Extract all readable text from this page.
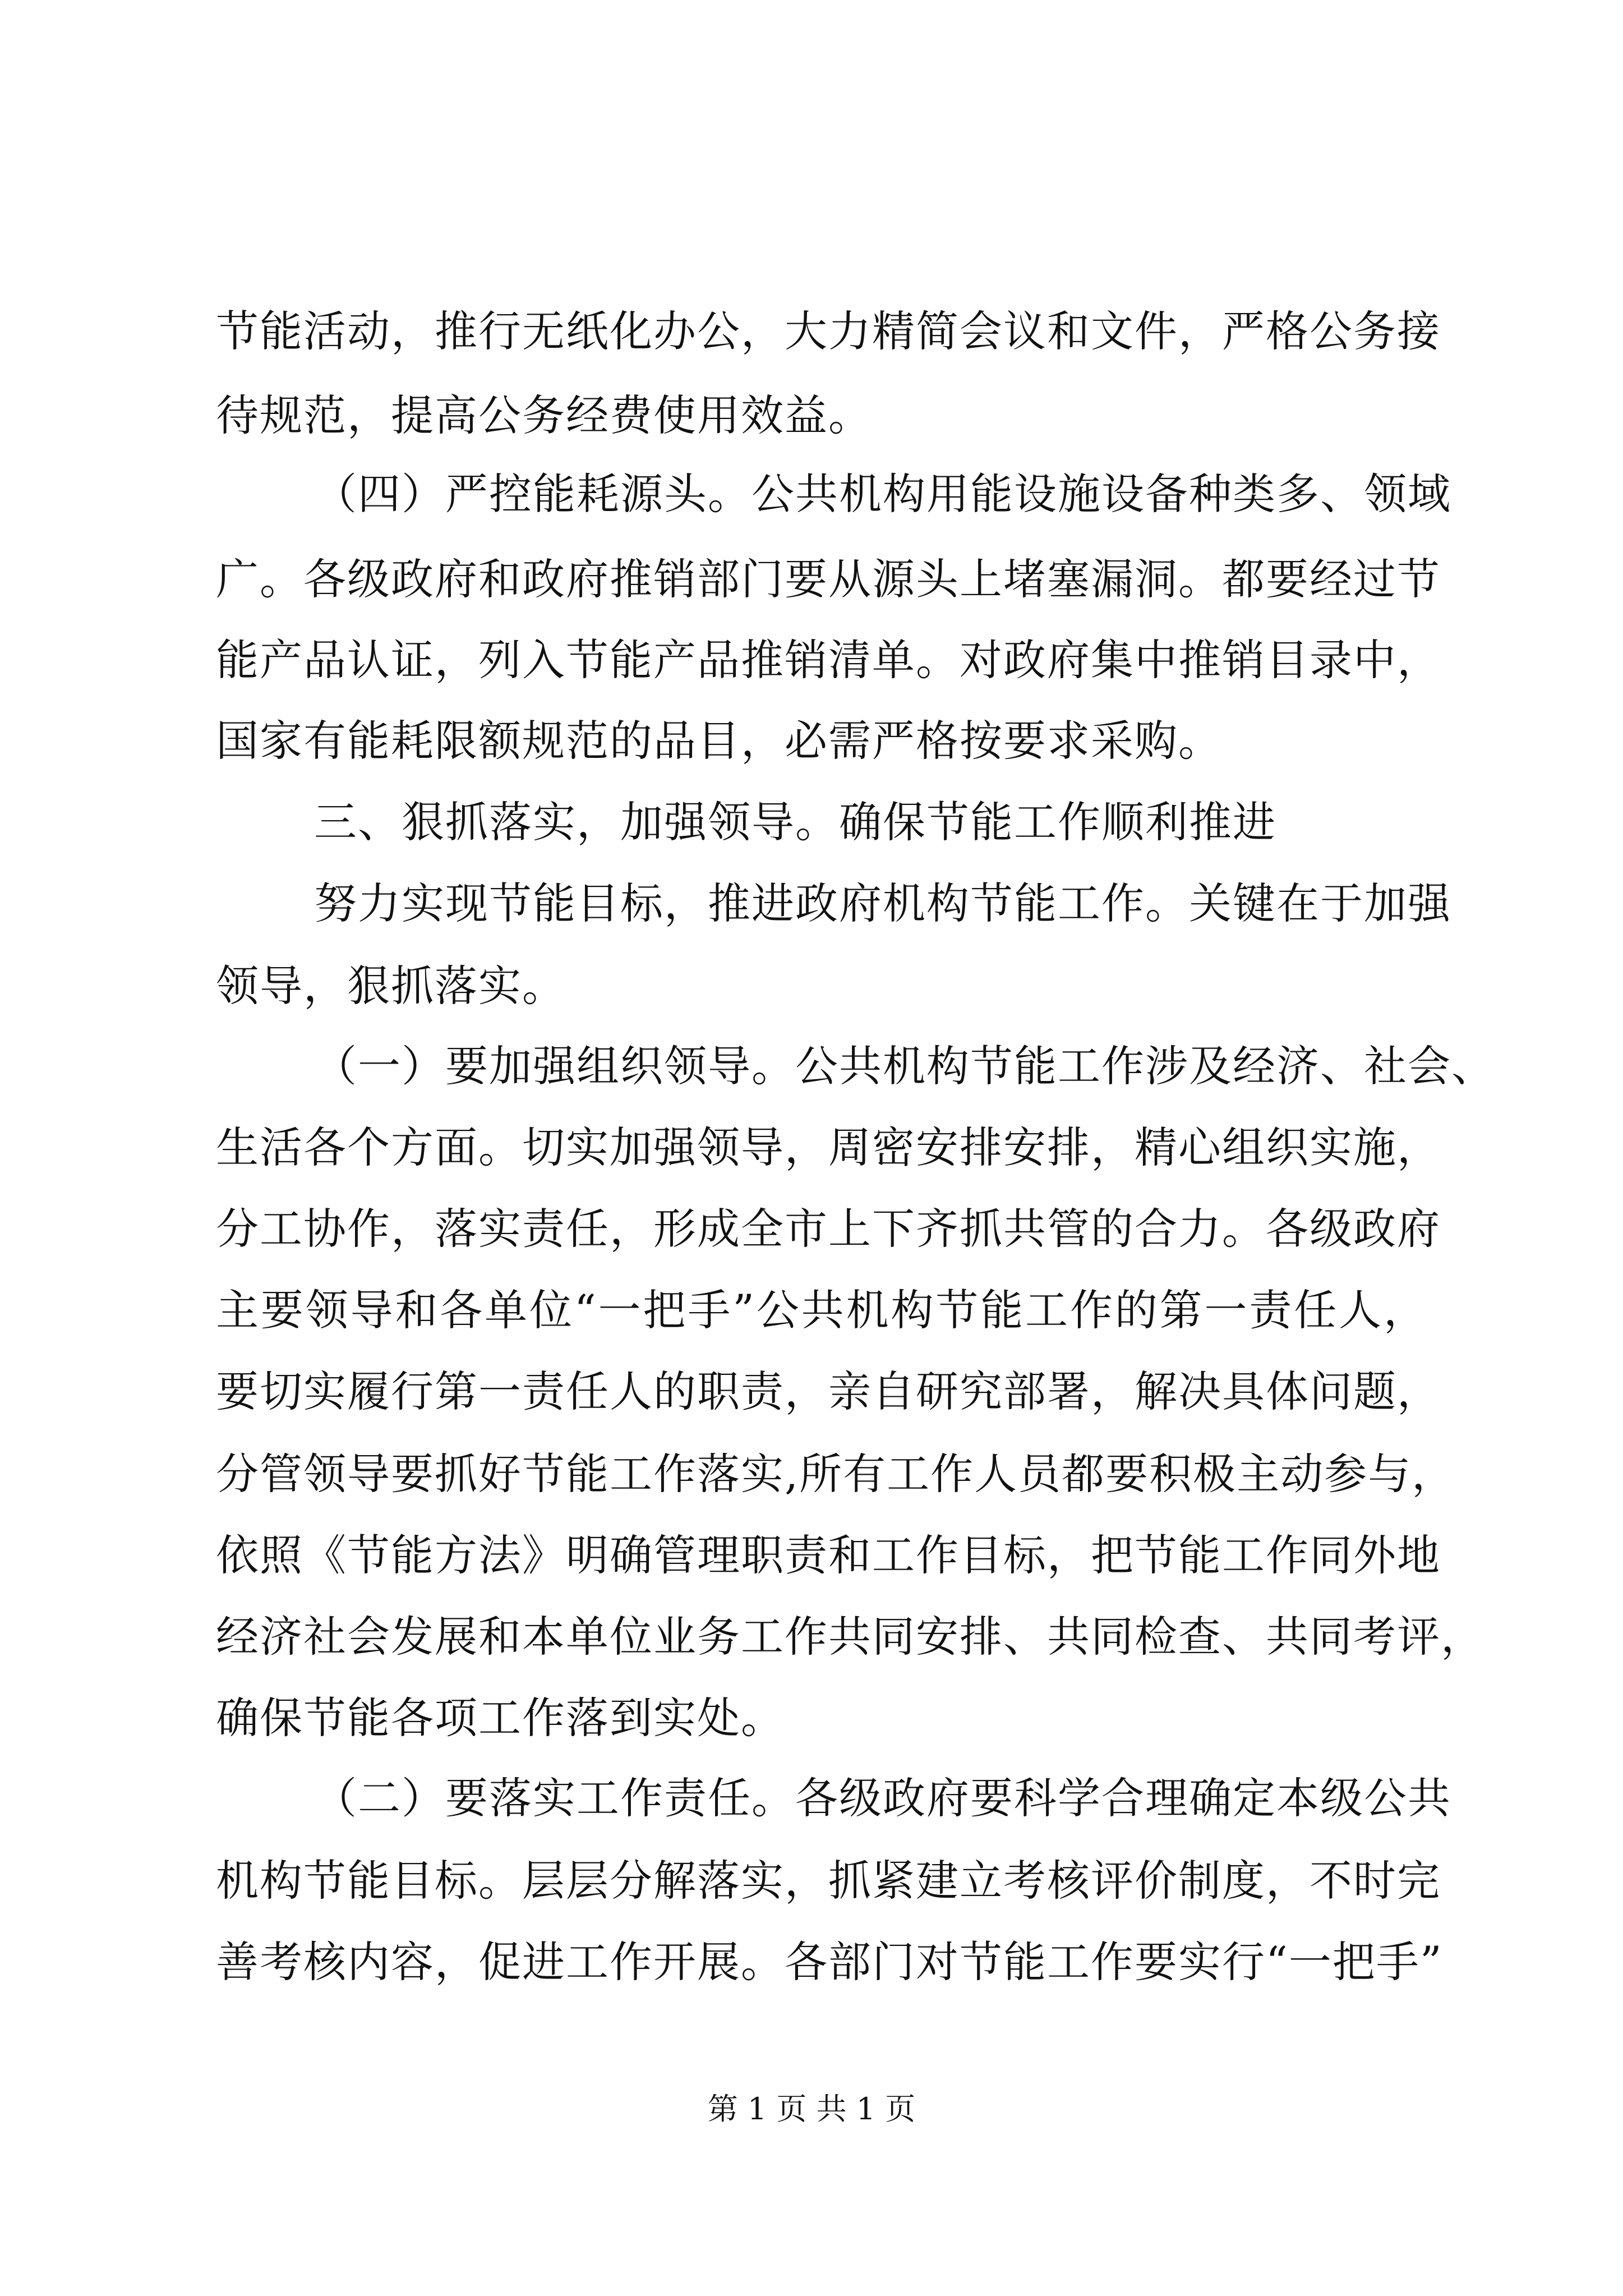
节能活动，推行无纸化办公，大力精简会议和文件，严格公务接
待规范，提高公务经费使用效益。
（四）严控能耗源头。公共机构用能设施设备种类多、领域
广。各级政府和政府推销部门要从源头上堵塞漏洞。都要经过节
能产品认证，列入节能产品推销清单。对政府集中推销目录中，
国家有能耗限额规范的品目，必需严格按要求采购。
三、狠抓落实，加强领导。确保节能工作顺利推进
努力实现节能目标，推进政府机构节能工作。关键在于加强
领导，狠抓落实。
（一）要加强组织领导。公共机构节能工作涉及经济、社会、
生活各个方面。切实加强领导，周密安排安排，精心组织实施，
分工协作，落实责任，形成全市上下齐抓共管的合力。各级政府
主要领导和各单位“一把手”公共机构节能工作的第一责任人，
要切实履行第一责任人的职责，亲自研究部署，解决具体问题，
分管领导要抓好节能工作落实,所有工作人员都要积极主动参与，
依照《节能方法》明确管理职责和工作目标，把节能工作同外地
经济社会发展和本单位业务工作共同安排、共同检查、共同考评，
确保节能各项工作落到实处。
（二）要落实工作责任。各级政府要科学合理确定本级公共
机构节能目标。层层分解落实，抓紧建立考核评价制度，不时完
善考核内容，促进工作开展。各部门对节能工作要实行“一把手”
第 1 页 共 1 页
